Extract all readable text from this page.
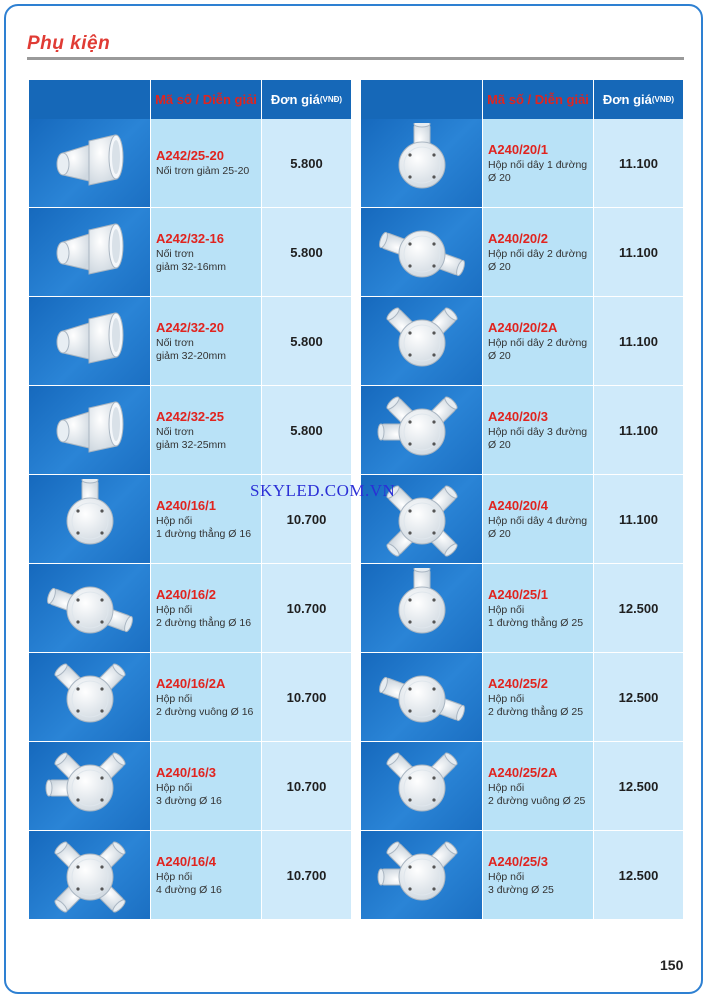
Phụ kiện
Mã số / Diễn giải Đơn giá (VNĐ)
A242/25-20
Nối trơn giảm 25-20
5.800
A242/32-16
Nối trơn
giảm 32-16mm
5.800
A242/32-20
Nối trơn
giảm 32-20mm
5.800
A242/32-25
Nối trơn
giảm 32-25mm
5.800
A240/16/1
Hộp nối
1 đường thẳng Ø 16
10.700
A240/16/2
Hộp nối
2 đường thẳng Ø 16
10.700
A240/16/2A
Hộp nối
2 đường vuông Ø 16
10.700
A240/16/3
Hộp nối
3 đường Ø 16
10.700
A240/16/4
Hộp nối
4 đường Ø 16
10.700
Mã số / Diễn giải Đơn giá (VNĐ)
A240/20/1
Hộp nối dây 1 đường
Ø 20
11.100
A240/20/2
Hộp nối dây 2 đường
Ø 20
11.100
A240/20/2A
Hộp nối dây 2 đường
Ø 20
11.100
A240/20/3
Hộp nối dây 3 đường
Ø 20
11.100
A240/20/4
Hộp nối dây 4 đường
Ø 20
11.100
A240/25/1
Hộp nối
1 đường thẳng Ø 25
12.500
A240/25/2
Hộp nối
2 đường thẳng Ø 25
12.500
A240/25/2A
Hộp nối
2 đường vuông Ø 25
12.500
A240/25/3
Hộp nối
3 đường Ø 25
12.500
SKYLED.COM.VN
150
